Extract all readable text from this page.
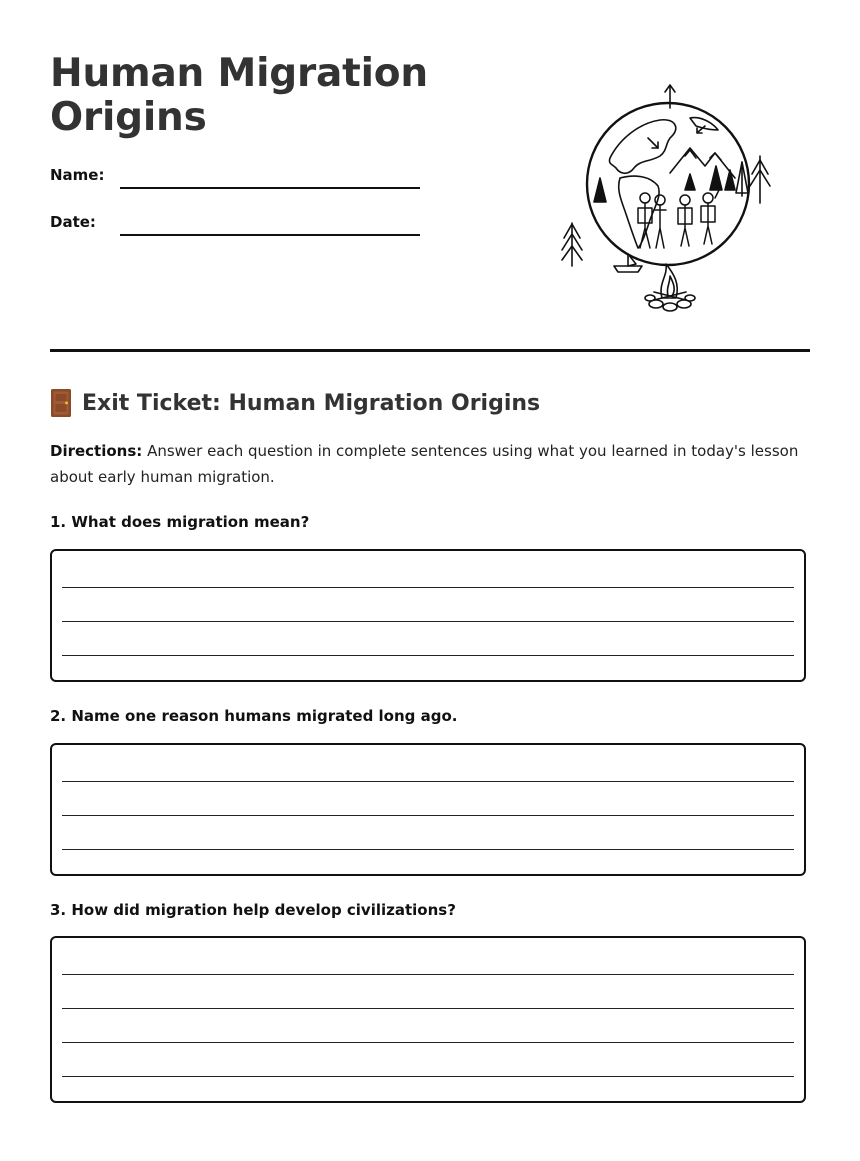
Human Migration Origins
Name:
Date:
Exit Ticket: Human Migration Origins

Directions: Answer each question in complete sentences using what you learned in today's lesson about early human migration.

1. What does migration mean?
2. Name one reason humans migrated long ago.
3. How did migration help develop civilizations?
